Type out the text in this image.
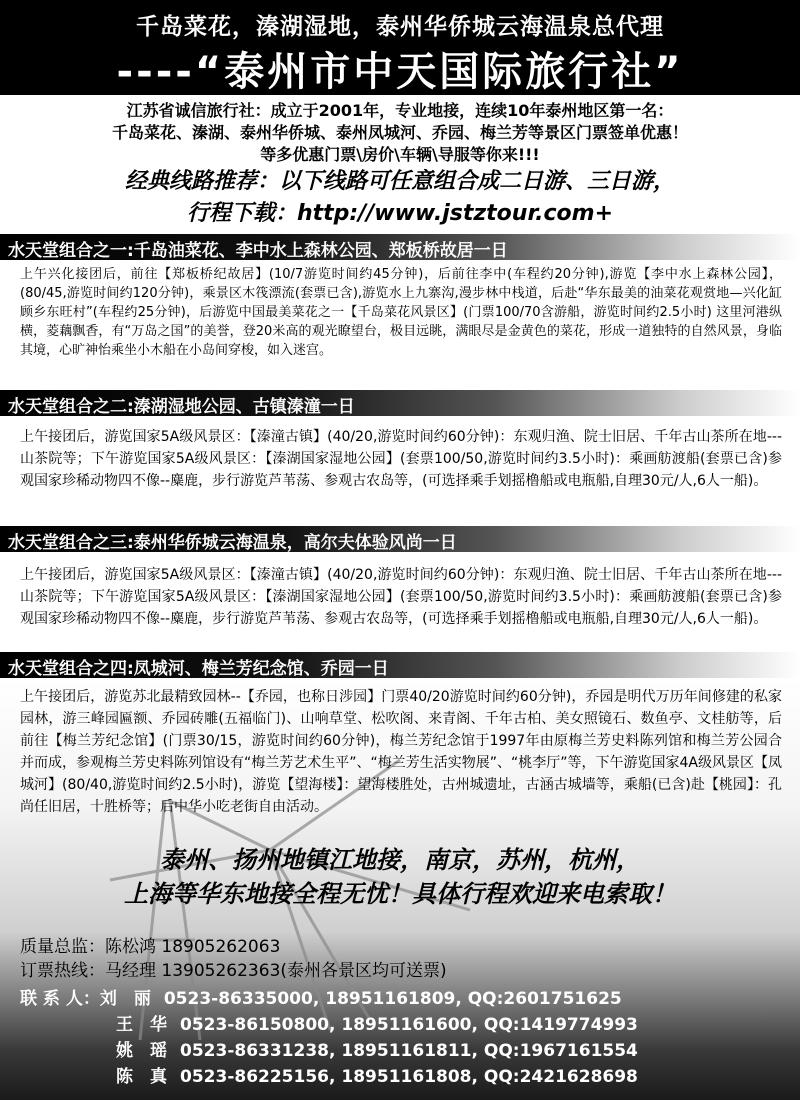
千岛菜花，溱湖湿地，泰州华侨城云海温泉总代理
----“泰州市中天国际旅行社”
江苏省诚信旅行社：成立于2001年，专业地接，连续10年泰州地区第一名：
千岛菜花、溱湖、泰州华侨城、泰州凤城河、乔园、梅兰芳等景区门票签单优惠！
等多优惠门票\房价\车辆\导服等你来!!!
经典线路推荐：以下线路可任意组合成二日游、三日游，
行程下载：http://www.jstztour.com+
水天堂组合之一:千岛油菜花、李中水上森林公园、郑板桥故居一日
上午兴化接团后，前往【郑板桥纪故居】(10/7游览时间约45分钟)，后前往李中(车程约20分钟),游览【李中水上森林公园】，(80/45,游览时间约120分钟)，乘景区木筏漂流(套票已含),游览水上九寨沟,漫步林中栈道，后赴“华东最美的油菜花观赏地—兴化缸顾乡东旺村”(车程约25分钟)，后游览中国最美菜花之一【千岛菜花风景区】(门票100/70含游船，游览时间约2.5小时) 这里河港纵横，菱藕飘香，有“万岛之国”的美誉，登20米高的观光瞭望台，极目远眺，满眼尽是金黄色的菜花，形成一道独特的自然风景，身临其境，心旷神怡乘坐小木船在小岛间穿梭，如入迷宫。
水天堂组合之二:溱湖湿地公园、古镇溱潼一日
上午接团后，游览国家5A级风景区：【溱潼古镇】(40/20,游览时间约60分钟)：东观归渔、院士旧居、千年古山茶所在地---山茶院等；下午游览国家5A级风景区：【溱湖国家湿地公园】(套票100/50,游览时间约3.5小时)：乘画舫渡船(套票已含)参观国家珍稀动物四不像--麋鹿，步行游览芦苇荡、参观古农岛等，(可选择乘手划摇橹船或电瓶船,自理30元/人,6人一船)。
水天堂组合之三:泰州华侨城云海温泉，高尔夫体验风尚一日
上午接团后，游览国家5A级风景区：【溱潼古镇】(40/20,游览时间约60分钟)：东观归渔、院士旧居、千年古山茶所在地---山茶院等；下午游览国家5A级风景区：【溱湖国家湿地公园】(套票100/50,游览时间约3.5小时)：乘画舫渡船(套票已含)参观国家珍稀动物四不像--麋鹿，步行游览芦苇荡、参观古农岛等，(可选择乘手划摇橹船或电瓶船,自理30元/人,6人一船)。
水天堂组合之四:凤城河、梅兰芳纪念馆、乔园一日
上午接团后，游览苏北最精致园林--【乔园，也称日涉园】门票40/20游览时间约60分钟)，乔园是明代万历年间修建的私家园林，游三峰园匾额、乔园砖雕(五福临门)、山响草堂、松吹阁、来青阁、千年古柏、美女照镜石、数鱼亭、文桂舫等，后前往【梅兰芳纪念馆】(门票30/15，游览时间约60分钟)，梅兰芳纪念馆于1997年由原梅兰芳史料陈列馆和梅兰芳公园合并而成，参观梅兰芳史料陈列馆设有“梅兰芳艺术生平”、“梅兰芳生活实物展”、“桃李厅”等，下午游览国家4A级风景区【凤城河】(80/40,游览时间约2.5小时)，游览【望海楼】：望海楼胜处，古州城遗址，古涵古城墙等，乘船(已含)赴【桃园】：孔尚任旧居，十胜桥等；后中华小吃老街自由活动。
泰州、扬州地镇江地接，南京，苏州，杭州，
上海等华东地接全程无忧！具体行程欢迎来电索取！
质量总监：陈松鸿 18905262063
订票热线：马经理 13905262363(泰州各景区均可送票)
联 系 人：刘　丽 0523-86335000, 18951161809, QQ:2601751625
王　华 0523-86150800, 18951161600, QQ:1419774993
姚　瑶 0523-86331238, 18951161811, QQ:1967161554
陈　真 0523-86225156, 18951161808, QQ:2421628698
